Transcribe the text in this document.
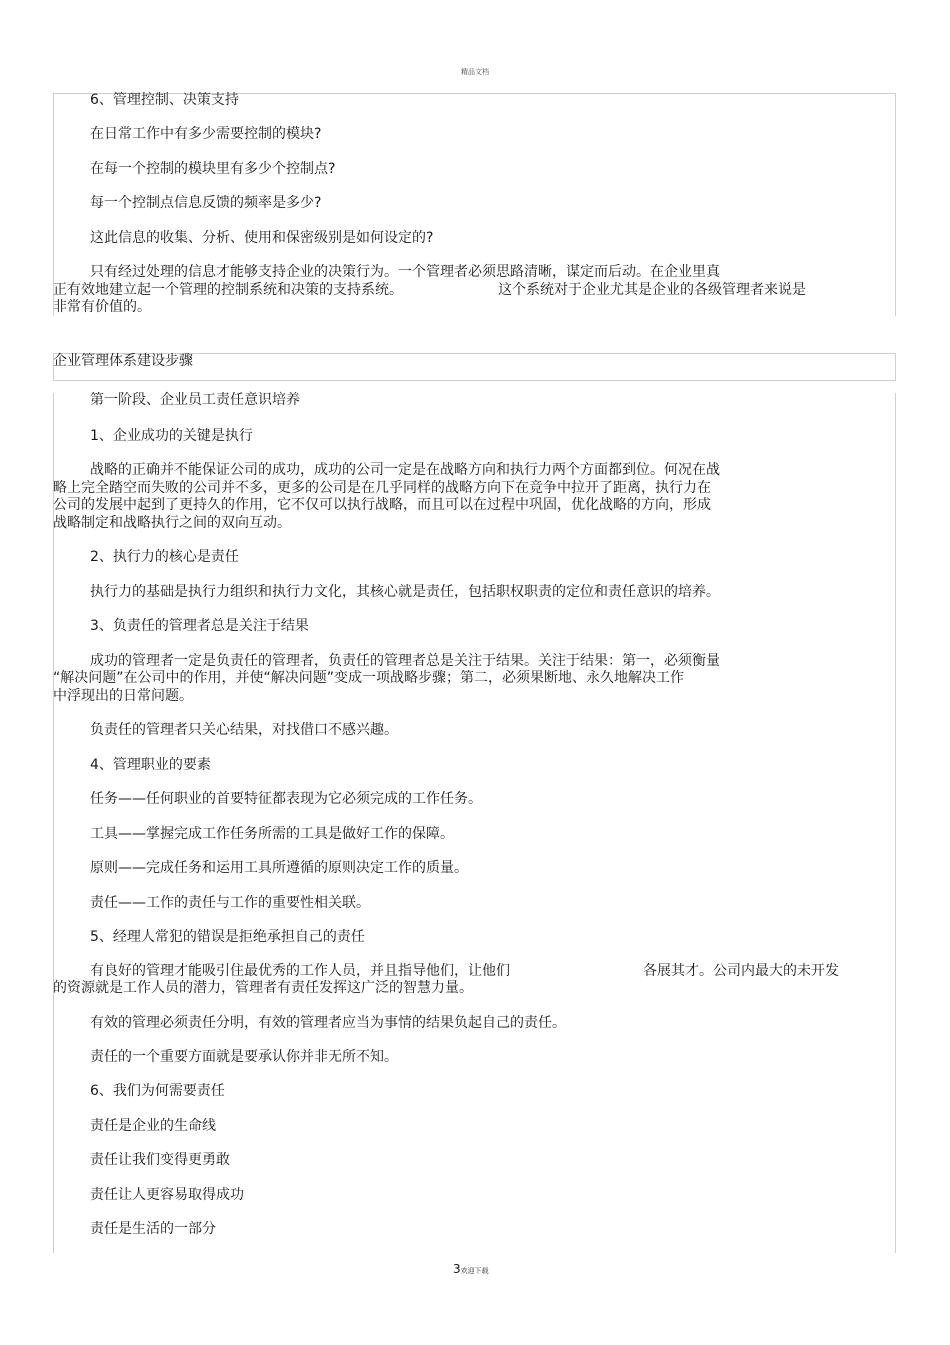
精品文档
6、管理控制、决策支持
在日常工作中有多少需要控制的模块?
在每一个控制的模块里有多少个控制点?
每一个控制点信息反馈的频率是多少?
这此信息的收集、分析、使用和保密级别是如何设定的?
只有经过处理的信息才能够支持企业的决策行为。一个管理者必须思路清晰，谋定而后动。在企业里真
正有效地建立起一个管理的控制系统和决策的支持系统。	这个系统对于企业尤其是企业的各级管理者来说是
非常有价值的。
企业管理体系建设步骤
第一阶段、企业员工责任意识培养
1、企业成功的关键是执行
战略的正确并不能保证公司的成功，成功的公司一定是在战略方向和执行力两个方面都到位。何况在战
略上完全踏空而失败的公司并不多，更多的公司是在几乎同样的战略方向下在竞争中拉开了距离，执行力在
公司的发展中起到了更持久的作用，它不仅可以执行战略，而且可以在过程中巩固，优化战略的方向，形成
战略制定和战略执行之间的双向互动。
2、执行力的核心是责任
执行力的基础是执行力组织和执行力文化，其核心就是责任，包括职权职责的定位和责任意识的培养。
3、负责任的管理者总是关注于结果
成功的管理者一定是负责任的管理者，负责任的管理者总是关注于结果。关注于结果：第一，必须衡量
“解决问题”在公司中的作用，并使“解决问题”变成一项战略步骤；第二，必须果断地、永久地解决工作
中浮现出的日常问题。
负责任的管理者只关心结果，对找借口不感兴趣。
4、管理职业的要素
任务——任何职业的首要特征都表现为它必须完成的工作任务。
工具——掌握完成工作任务所需的工具是做好工作的保障。
原则——完成任务和运用工具所遵循的原则决定工作的质量。
责任——工作的责任与工作的重要性相关联。
5、经理人常犯的错误是拒绝承担自己的责任
有良好的管理才能吸引住最优秀的工作人员，并且指导他们，让他们	各展其才。公司内最大的未开发
的资源就是工作人员的潜力，管理者有责任发挥这广泛的智慧力量。
有效的管理必须责任分明，有效的管理者应当为事情的结果负起自己的责任。
责任的一个重要方面就是要承认你并非无所不知。
6、我们为何需要责任
责任是企业的生命线
责任让我们变得更勇敢
责任让人更容易取得成功
责任是生活的一部分
3欢迎下载
